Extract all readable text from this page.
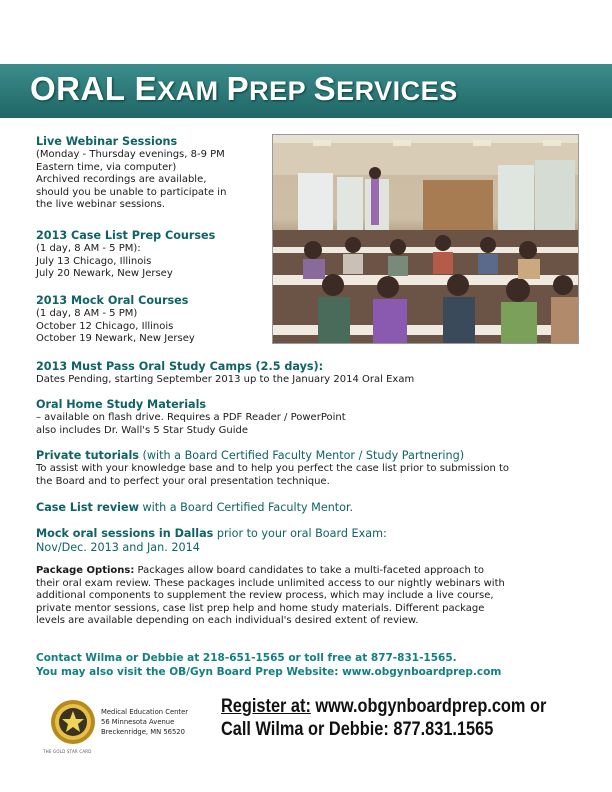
ORAL EXAM PREP SERVICES
Live Webinar Sessions
(Monday - Thursday evenings, 8-9 PM
Eastern time, via computer)
Archived recordings are available,
should you be unable to participate in
the live webinar sessions.
2013 Case List Prep Courses
(1 day, 8 AM - 5 PM):
July 13 Chicago, Illinois
July 20 Newark, New Jersey
2013 Mock Oral Courses
(1 day, 8 AM - 5 PM)
October 12 Chicago, Illinois
October 19 Newark, New Jersey
2013 Must Pass Oral Study Camps (2.5 days):
Dates Pending, starting September 2013 up to the January 2014 Oral Exam
Oral Home Study Materials
– available on flash drive. Requires a PDF Reader / PowerPoint
also includes Dr. Wall's 5 Star Study Guide
Private tutorials (with a Board Certified Faculty Mentor / Study Partnering)
To assist with your knowledge base and to help you perfect the case list prior to submission to
the Board and to perfect your oral presentation technique.
Case List review with a Board Certified Faculty Mentor.
Mock oral sessions in Dallas prior to your oral Board Exam:
Nov/Dec. 2013 and Jan. 2014
Package Options: Packages allow board candidates to take a multi-faceted approach to
their oral exam review. These packages include unlimited access to our nightly webinars with
additional components to supplement the review process, which may include a live course,
private mentor sessions, case list prep help and home study materials. Different package
levels are available depending on each individual's desired extent of review.
Contact Wilma or Debbie at 218-651-1565 or toll free at 877-831-1565.
You may also visit the OB/Gyn Board Prep Website: www.obgynboardprep.com
THE GOLD STAR CARD
Medical Education Center
56 Minnesota Avenue
Breckenridge, MN 56520
Register at: www.obgynboardprep.com or
Call Wilma or Debbie: 877.831.1565
